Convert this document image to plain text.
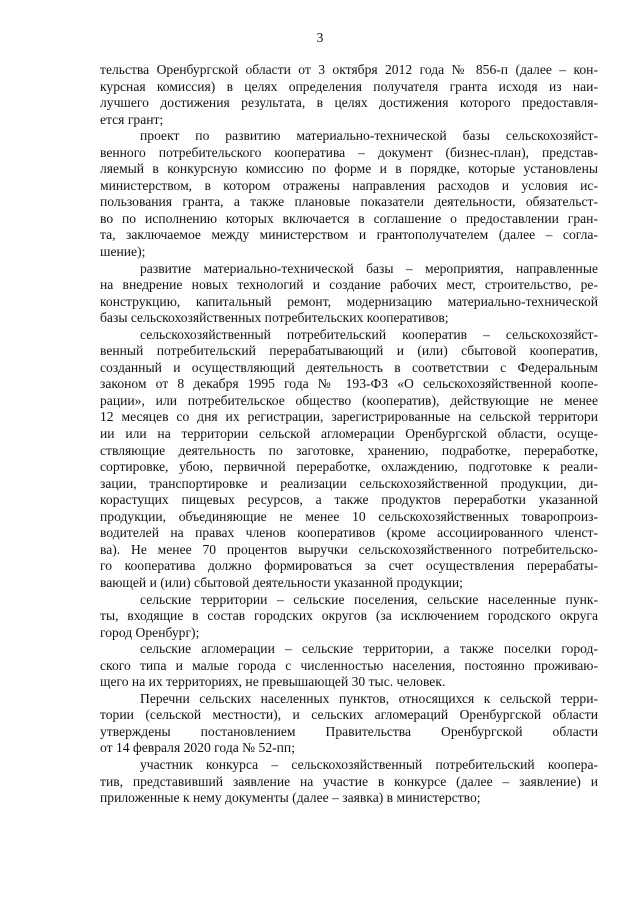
3
тельства Оренбургской области от 3 октября 2012 года № 856-п (далее – кон-
курсная комиссия) в целях определения получателя гранта исходя из наи-
лучшего достижения результата, в целях достижения которого предоставля-
ется грант;
проект по развитию материально-технической базы сельскохозяйст-
венного потребительского кооператива – документ (бизнес-план), представ-
ляемый в конкурсную комиссию по форме и в порядке, которые установлены
министерством, в котором отражены направления расходов и условия ис-
пользования гранта, а также плановые показатели деятельности, обязательст-
во по исполнению которых включается в соглашение о предоставлении гран-
та, заключаемое между министерством и грантополучателем (далее – согла-
шение);
развитие материально-технической базы – мероприятия, направленные
на внедрение новых технологий и создание рабочих мест, строительство, ре-
конструкцию, капитальный ремонт, модернизацию материально-технической
базы сельскохозяйственных потребительских кооперативов;
сельскохозяйственный потребительский кооператив – сельскохозяйст-
венный потребительский перерабатывающий и (или) сбытовой кооператив,
созданный и осуществляющий деятельность в соответствии с Федеральным
законом от 8 декабря 1995 года № 193-ФЗ «О сельскохозяйственной коопе-
рации», или потребительское общество (кооператив), действующие не менее
12 месяцев со дня их регистрации, зарегистрированные на сельской территори
ии или на территории сельской агломерации Оренбургской области, осуще-
ствляющие деятельность по заготовке, хранению, подработке, переработке,
сортировке, убою, первичной переработке, охлаждению, подготовке к реали-
зации, транспортировке и реализации сельскохозяйственной продукции, ди-
корастущих пищевых ресурсов, а также продуктов переработки указанной
продукции, объединяющие не менее 10 сельскохозяйственных товаропроиз-
водителей на правах членов кооперативов (кроме ассоциированного членст-
ва). Не менее 70 процентов выручки сельскохозяйственного потребительско-
го кооператива должно формироваться за счет осуществления перерабаты-
вающей и (или) сбытовой деятельности указанной продукции;
сельские территории – сельские поселения, сельские населенные пунк-
ты, входящие в состав городских округов (за исключением городского округа
город Оренбург);
сельские агломерации – сельские территории, а также поселки город-
ского типа и малые города с численностью населения, постоянно проживаю-
щего на их территориях, не превышающей 30 тыс. человек.
Перечни сельских населенных пунктов, относящихся к сельской терри-
тории (сельской местности), и сельских агломераций Оренбургской области
утверждены постановлением Правительства Оренбургской области
от 14 февраля 2020 года № 52-пп;
участник конкурса – сельскохозяйственный потребительский коопера-
тив, представивший заявление на участие в конкурсе (далее – заявление) и
приложенные к нему документы (далее – заявка) в министерство;
